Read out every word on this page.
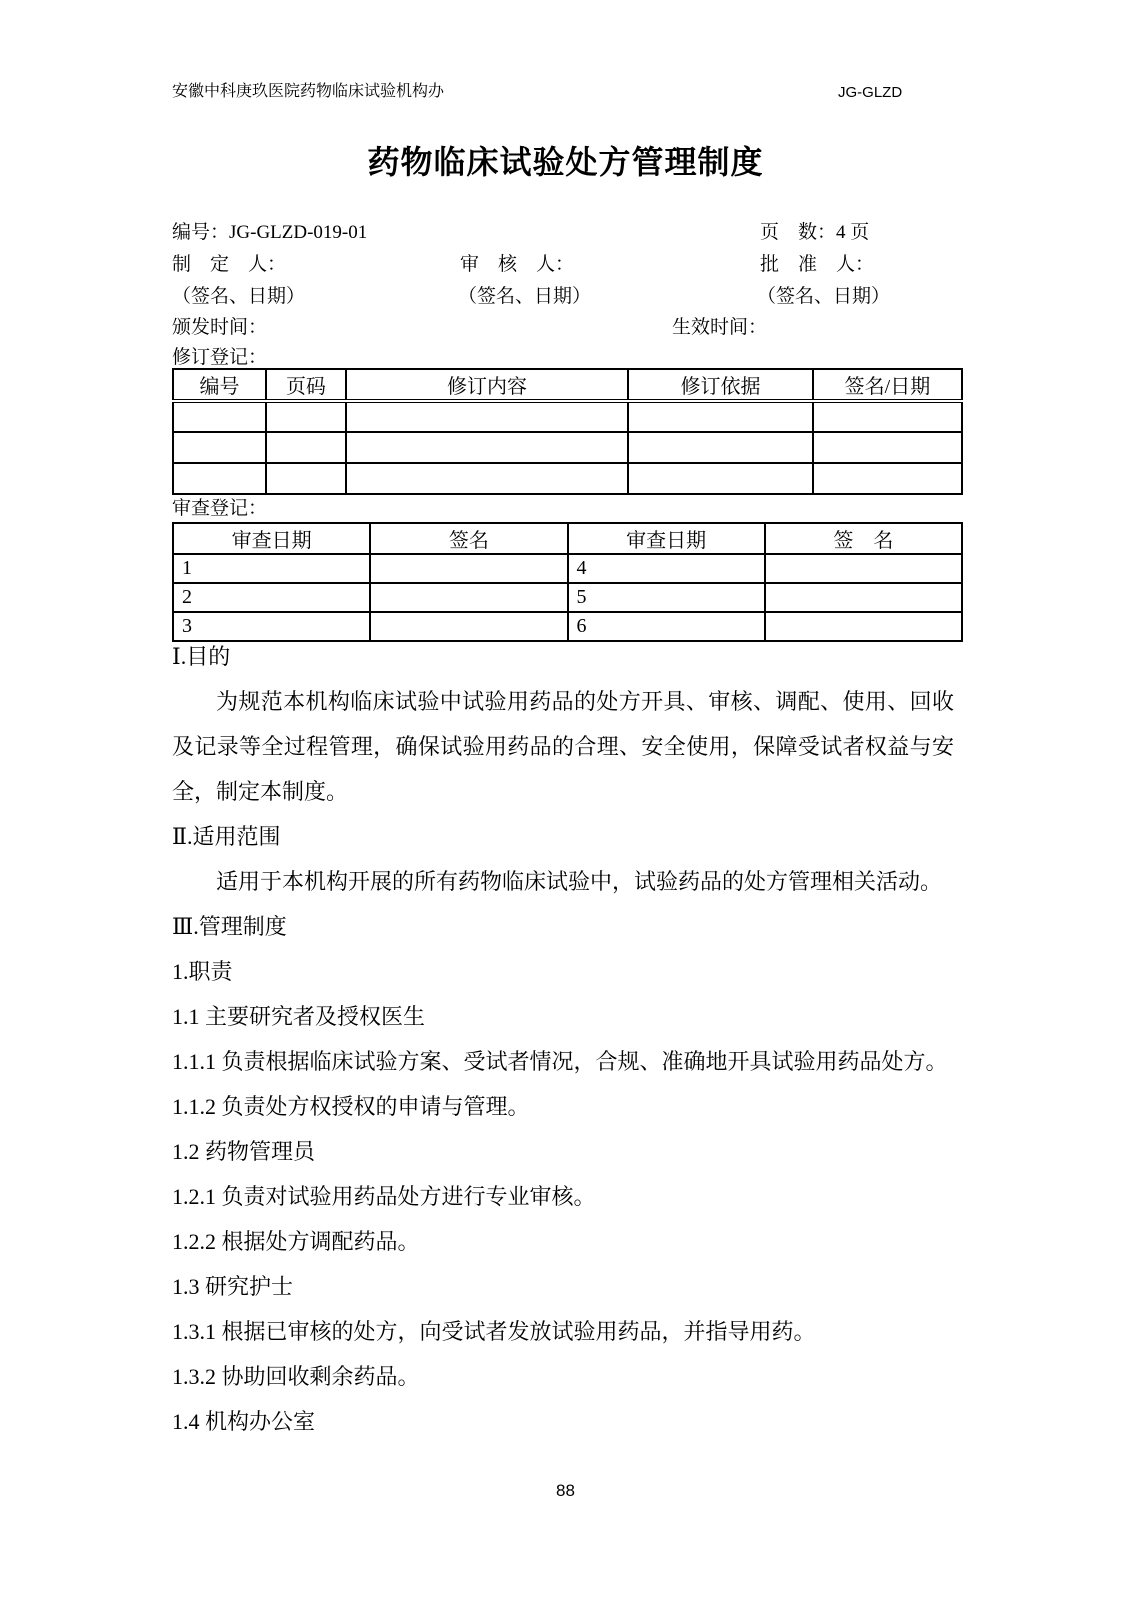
安徽中科庚玖医院药物临床试验机构办	JG-GLZD
药物临床试验处方管理制度
编号：JG-GLZD-019-01	页　数：4 页
制　定　人：	审　核　人：	批　准　人：
（签名、日期）	（签名、日期）	（签名、日期）
颁发时间：	生效时间：
修订登记：
编号	页码	修订内容	修订依据	签名/日期

审查登记：
审查日期	签名	审查日期	签　名
1		4	
2		5	
3		6	
Ⅰ.目的
为规范本机构临床试验中试验用药品的处方开具、审核、调配、使用、回收及记录等全过程管理，确保试验用药品的合理、安全使用，保障受试者权益与安全，制定本制度。
Ⅱ.适用范围
适用于本机构开展的所有药物临床试验中，试验药品的处方管理相关活动。
Ⅲ.管理制度
1.职责
1.1 主要研究者及授权医生
1.1.1 负责根据临床试验方案、受试者情况，合规、准确地开具试验用药品处方。
1.1.2 负责处方权授权的申请与管理。
1.2 药物管理员
1.2.1 负责对试验用药品处方进行专业审核。
1.2.2 根据处方调配药品。
1.3 研究护士
1.3.1 根据已审核的处方，向受试者发放试验用药品，并指导用药。
1.3.2 协助回收剩余药品。
1.4 机构办公室
88
